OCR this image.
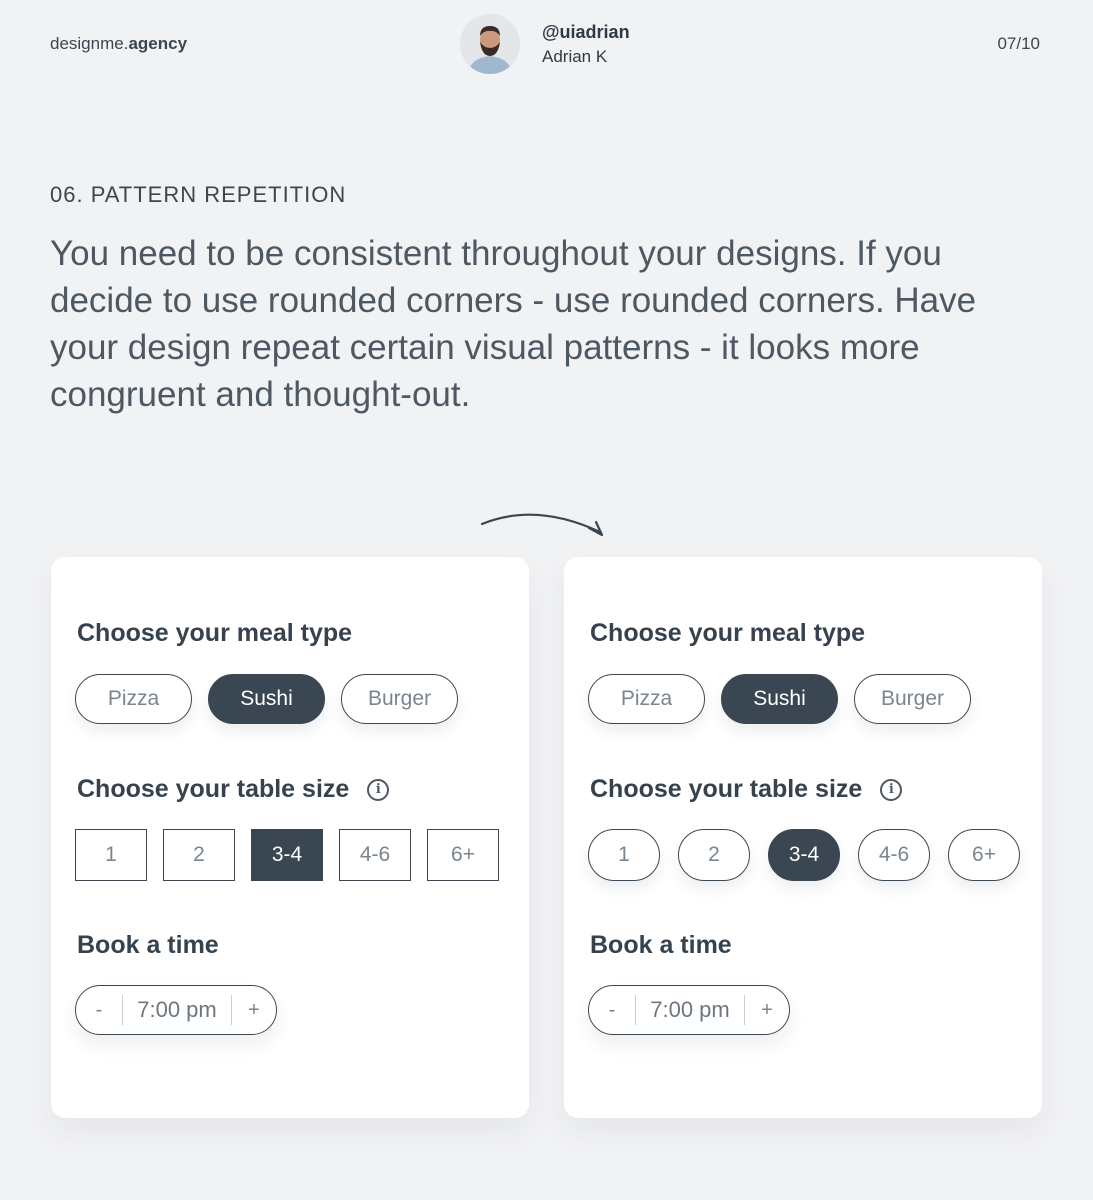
designme.agency
@uiadrian
Adrian K
07/10
06. PATTERN REPETITION
You need to be consistent throughout your designs. If you decide to use rounded corners - use rounded corners. Have your design repeat certain visual patterns - it looks more congruent and thought-out.
Choose your meal type
Pizza	Sushi	Burger
Choose your table size	i
1	2	3-4	4-6	6+
Book a time
-	7:00 pm	+
Choose your meal type
Pizza	Sushi	Burger
Choose your table size	i
1	2	3-4	4-6	6+
Book a time
-	7:00 pm	+
